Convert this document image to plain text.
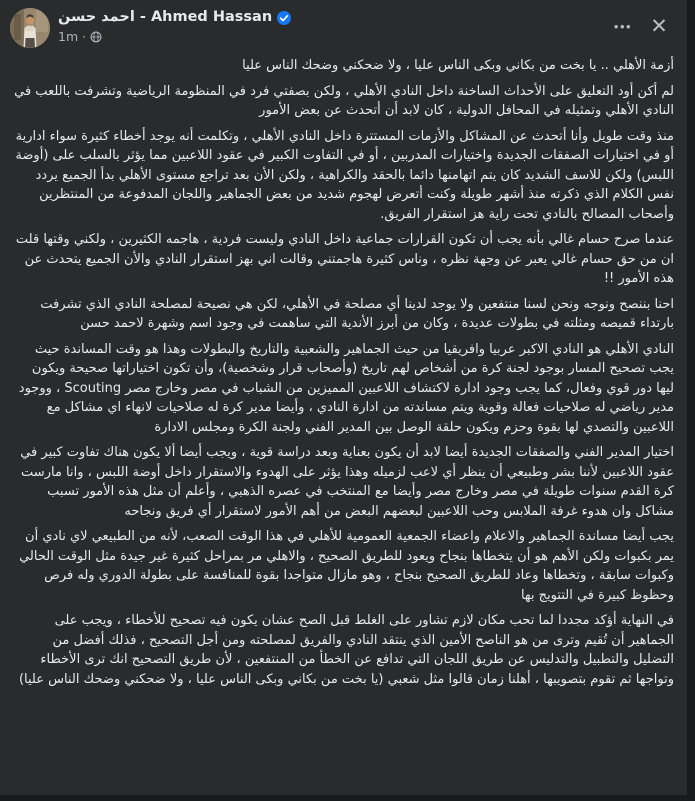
احمد حسن - Ahmed Hassan
1m ·
••• ✕

أزمة الأهلي .. يا بخت من بكاني وبكى الناس عليا ، ولا ضحكني وضحك الناس عليا

لم أكن أود التعليق على الأحداث الساخنة داخل النادي الأهلي ، ولكن بصفتي فرد في المنظومة الرياضية وتشرفت باللعب في النادي الأهلي وتمثيله في المحافل الدولية ، كان لابد أن أتحدث عن بعض الأمور

منذ وقت طويل وأنا أتحدث عن المشاكل والأزمات المستترة داخل النادي الأهلي ، وتكلمت أنه يوجد أخطاء كثيرة سواء ادارية أو في اختيارات الصفقات الجديدة واختيارات المدربين ، أو في التفاوت الكبير في عقود اللاعبين مما يؤثر بالسلب على (أوضة اللبس) ولكن للاسف الشديد كان يتم اتهامنها دائما بالحقد والكراهية ، ولكن الأن بعد تراجع مستوى الأهلي بدأ الجميع يردد نفس الكلام الذي ذكرته منذ أشهر طويلة وكنت أتعرض لهجوم شديد من بعض الجماهير واللجان المدفوعة من المنتظرين وأصحاب المصالح بالنادي تحت راية هز استقرار الفريق.

عندما صرح حسام غالي بأنه يجب أن تكون القرارات جماعية داخل النادي وليست فردية ، هاجمه الكثيرين ، ولكني وقتها قلت ان من حق حسام غالي يعبر عن وجهة نظره ، وناس كثيرة هاجمتني وقالت اني بهز استقرار النادي والأن الجميع يتحدث عن هذه الأمور !!

احنا بننصح ونوجه ونحن لسنا منتفعين ولا يوجد لدينا أي مصلحة في الأهلي، لكن هي نصيحة لمصلحة النادي الذي تشرفت بارتداء قميصه ومثلته في بطولات عديدة ، وكان من أبرز الأندية التي ساهمت في وجود اسم وشهرة لاحمد حسن

النادي الأهلي هو النادي الاكبر عربيا وافريقيا من حيث الجماهير والشعبية والتاريخ والبطولات وهذا هو وقت المساندة حيث يجب تصحيح المسار بوجود لجنة كرة من أشخاص لهم تاريخ (وأصحاب قرار وشخصية)، وأن تكون اختياراتها صحيحة ويكون ليها دور قوي وفعال، كما يجب وجود ادارة لاكتشاف اللاعبين المميزين من الشباب في مصر وخارج مصر Scouting ، ووجود مدير رياضي له صلاحيات فعالة وقوية ويتم مساندته من ادارة النادي ، وأيضا مدير كرة له صلاحيات لانهاء اي مشاكل مع اللاعبين والتصدي لها بقوة وحزم ويكون حلقة الوصل بين المدير الفني ولجنة الكرة ومجلس الادارة

اختيار المدير الفني والصفقات الجديدة أيضا لابد أن يكون بعناية وبعد دراسة قوية ، ويجب أيضا ألا يكون هناك تفاوت كبير في عقود اللاعبين لأننا بشر وطبيعي أن ينظر أي لاعب لزميله وهذا يؤثر على الهدوء والاستقرار داخل أوضة اللبس ، وانا مارست كرة القدم سنوات طويلة في مصر وخارج مصر وأيضا مع المنتخب في عصره الذهبي ، وأعلم أن مثل هذه الأمور تسبب مشاكل وان هدوء غرفة الملابس وحب اللاعبين لبعضهم البعض من أهم الأمور لاستقرار أي فريق ونجاحه

يجب أيضا مساندة الجماهير والاعلام واعضاء الجمعية العمومية للأهلي في هذا الوقت الصعب، لأنه من الطبيعي لاي نادي أن يمر بكبوات ولكن الأهم هو أن يتخطاها بنجاح ويعود للطريق الصحيح ، والاهلي مر بمراحل كثيرة غير جيدة مثل الوقت الحالي وكبوات سابقة ، وتخطاها وعاد للطريق الصحيح بنجاح ، وهو مازال متواجدا بقوة للمنافسة على بطولة الدوري وله فرص وحظوظ كبيرة في التتويج بها

في النهاية أؤكد مجددا لما تحب مكان لازم تشاور على الغلط قبل الصح عشان يكون فيه تصحيح للأخطاء ، ويجب على الجماهير أن تُقيم وترى من هو الناصح الأمين الذي ينتقد النادي والفريق لمصلحته ومن أجل التصحيح ، فذلك أفضل من التضليل والتطبيل والتدليس عن طريق اللجان التي تدافع عن الخطأ من المنتفعين ، لأن طريق التصحيح انك ترى الأخطاء وتواجها ثم تقوم بتصويبها ، أهلنا زمان قالوا مثل شعبي (يا بخت من بكاني وبكى الناس عليا ، ولا ضحكني وضحك الناس عليا)
